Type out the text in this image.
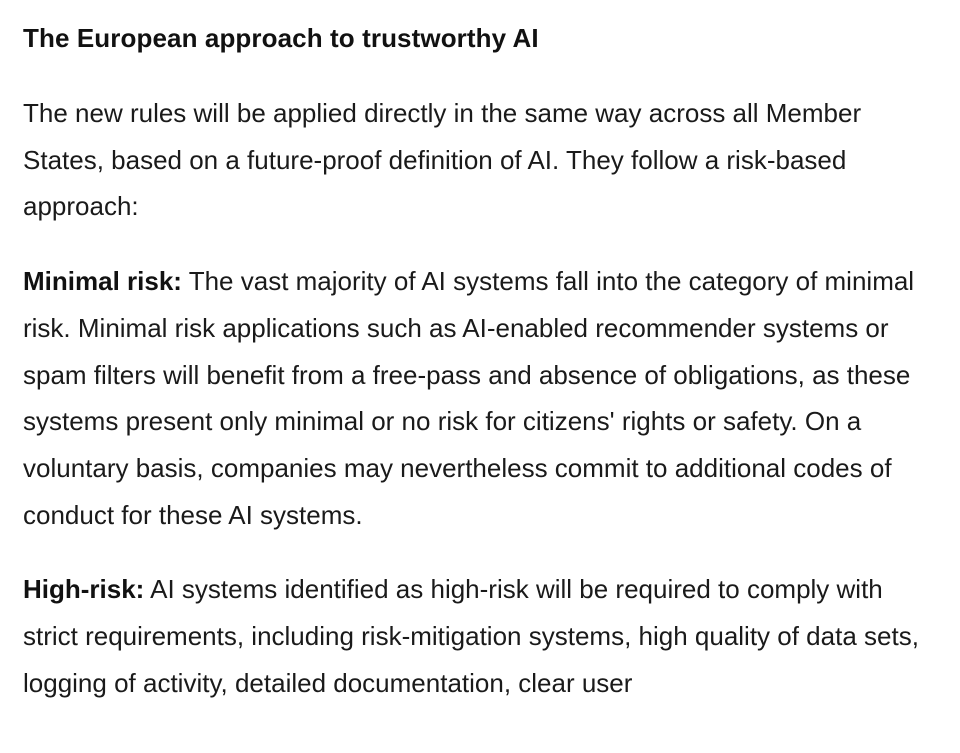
The European approach to trustworthy AI

The new rules will be applied directly in the same way across all Member States, based on a future-proof definition of AI. They follow a risk-based approach:

Minimal risk: The vast majority of AI systems fall into the category of minimal risk. Minimal risk applications such as AI-enabled recommender systems or spam filters will benefit from a free-pass and absence of obligations, as these systems present only minimal or no risk for citizens' rights or safety. On a voluntary basis, companies may nevertheless commit to additional codes of conduct for these AI systems.

High-risk: AI systems identified as high-risk will be required to comply with strict requirements, including risk-mitigation systems, high quality of data sets, logging of activity, detailed documentation, clear user
